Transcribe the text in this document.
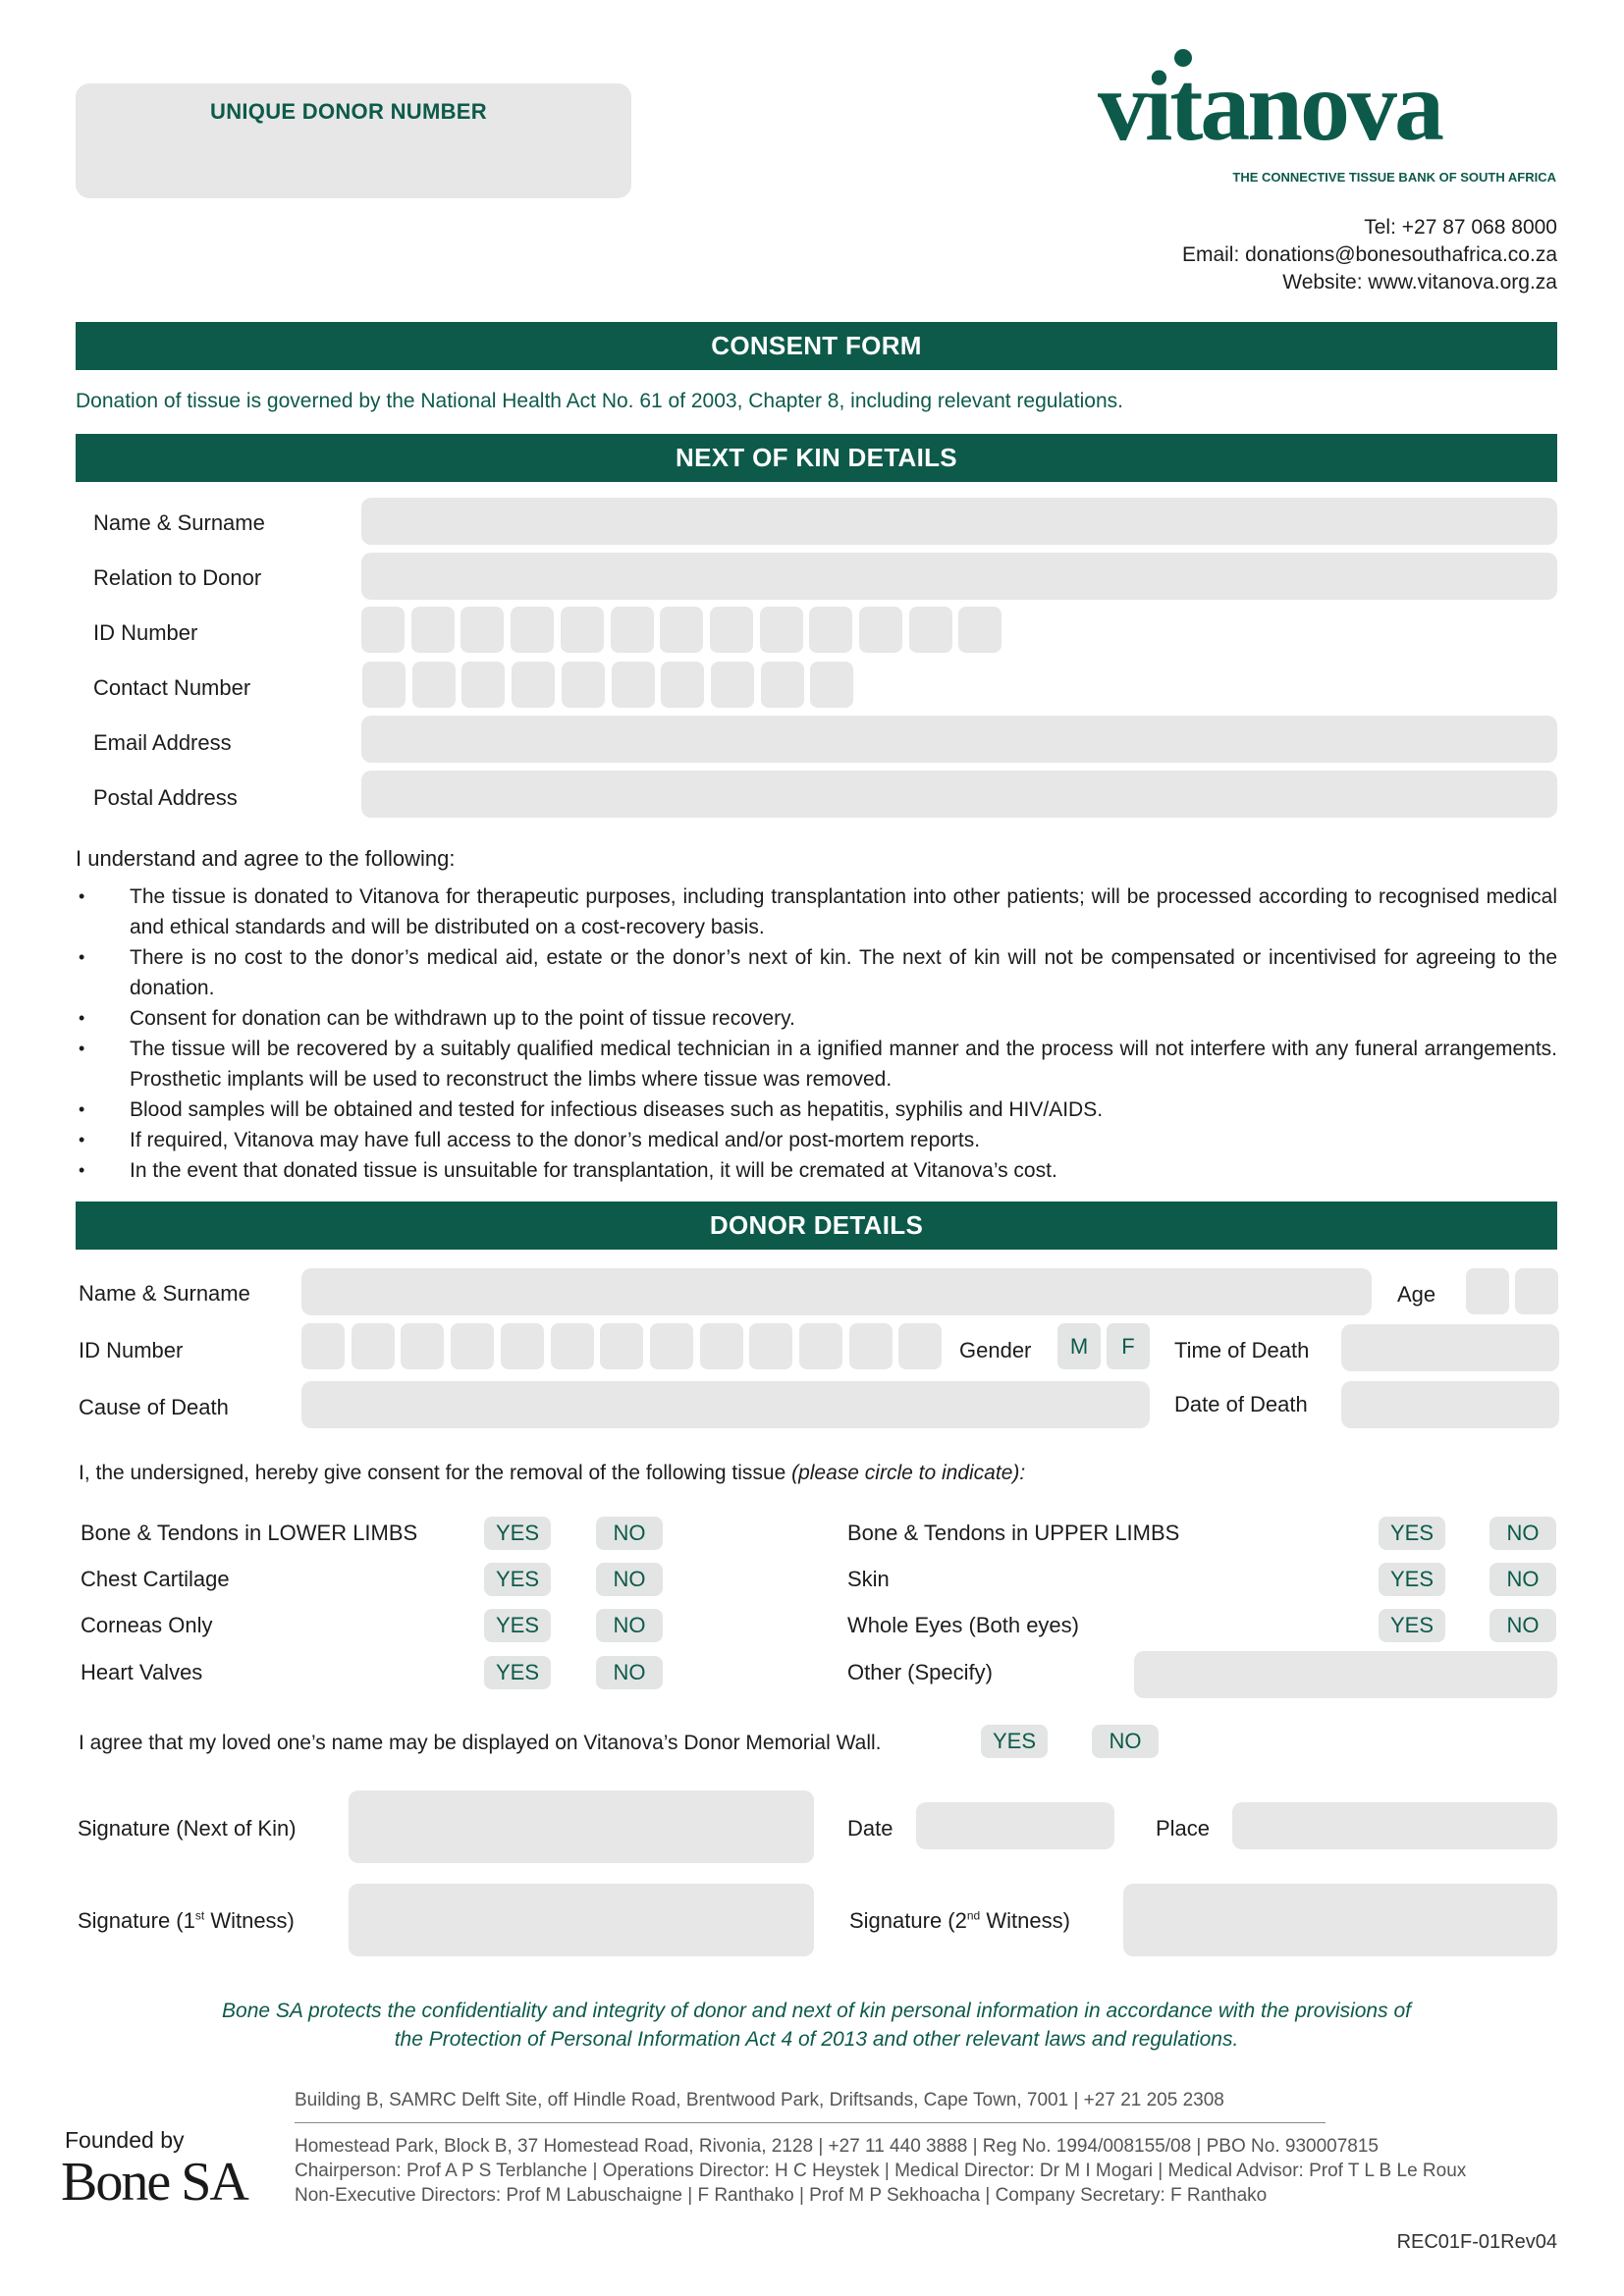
UNIQUE DONOR NUMBER	vitanova
THE CONNECTIVE TISSUE BANK OF SOUTH AFRICA
Tel: +27 87 068 8000
Email: donations@bonesouthafrica.co.za
Website: www.vitanova.org.za
CONSENT FORM
Donation of tissue is governed by the National Health Act No. 61 of 2003, Chapter 8, including relevant regulations.
NEXT OF KIN DETAILS
Name & Surname
Relation to Donor
ID Number
Contact Number
Email Address
Postal Address
I understand and agree to the following:
• The tissue is donated to Vitanova for therapeutic purposes, including transplantation into other patients; will be processed according to recognised medical and ethical standards and will be distributed on a cost-recovery basis.
• There is no cost to the donor’s medical aid, estate or the donor’s next of kin. The next of kin will not be compensated or incentivised for agreeing to the donation.
• Consent for donation can be withdrawn up to the point of tissue recovery.
• The tissue will be recovered by a suitably qualified medical technician in a ignified manner and the process will not interfere with any funeral arrangements. Prosthetic implants will be used to reconstruct the limbs where tissue was removed.
• Blood samples will be obtained and tested for infectious diseases such as hepatitis, syphilis and HIV/AIDS.
• If required, Vitanova may have full access to the donor’s medical and/or post-mortem reports.
• In the event that donated tissue is unsuitable for transplantation, it will be cremated at Vitanova’s cost.
DONOR DETAILS
Name & Surname	Age
ID Number	Gender	M	F	Time of Death
Cause of Death	Date of Death
I, the undersigned, hereby give consent for the removal of the following tissue (please circle to indicate):
Bone & Tendons in LOWER LIMBS	YES	NO
Chest Cartilage	YES	NO
Corneas Only	YES	NO
Heart Valves	YES	NO
Bone & Tendons in UPPER LIMBS	YES	NO
Skin	YES	NO
Whole Eyes (Both eyes)	YES	NO
Other (Specify)
I agree that my loved one’s name may be displayed on Vitanova’s Donor Memorial Wall.	YES	NO
Signature (Next of Kin)	Date	Place
Signature (1st Witness)	Signature (2nd Witness)
Bone SA protects the confidentiality and integrity of donor and next of kin personal information in accordance with the provisions of
the Protection of Personal Information Act 4 of 2013 and other relevant laws and regulations.
Building B, SAMRC Delft Site, off Hindle Road, Brentwood Park, Driftsands, Cape Town, 7001 | +27 21 205 2308
Founded by
Bone SA
Homestead Park, Block B, 37 Homestead Road, Rivonia, 2128 | +27 11 440 3888 | Reg No. 1994/008155/08 | PBO No. 930007815
Chairperson: Prof A P S Terblanche | Operations Director: H C Heystek | Medical Director: Dr M I Mogari | Medical Advisor: Prof T L B Le Roux
Non-Executive Directors: Prof M Labuschaigne | F Ranthako | Prof M P Sekhoacha | Company Secretary: F Ranthako
REC01F-01Rev04
